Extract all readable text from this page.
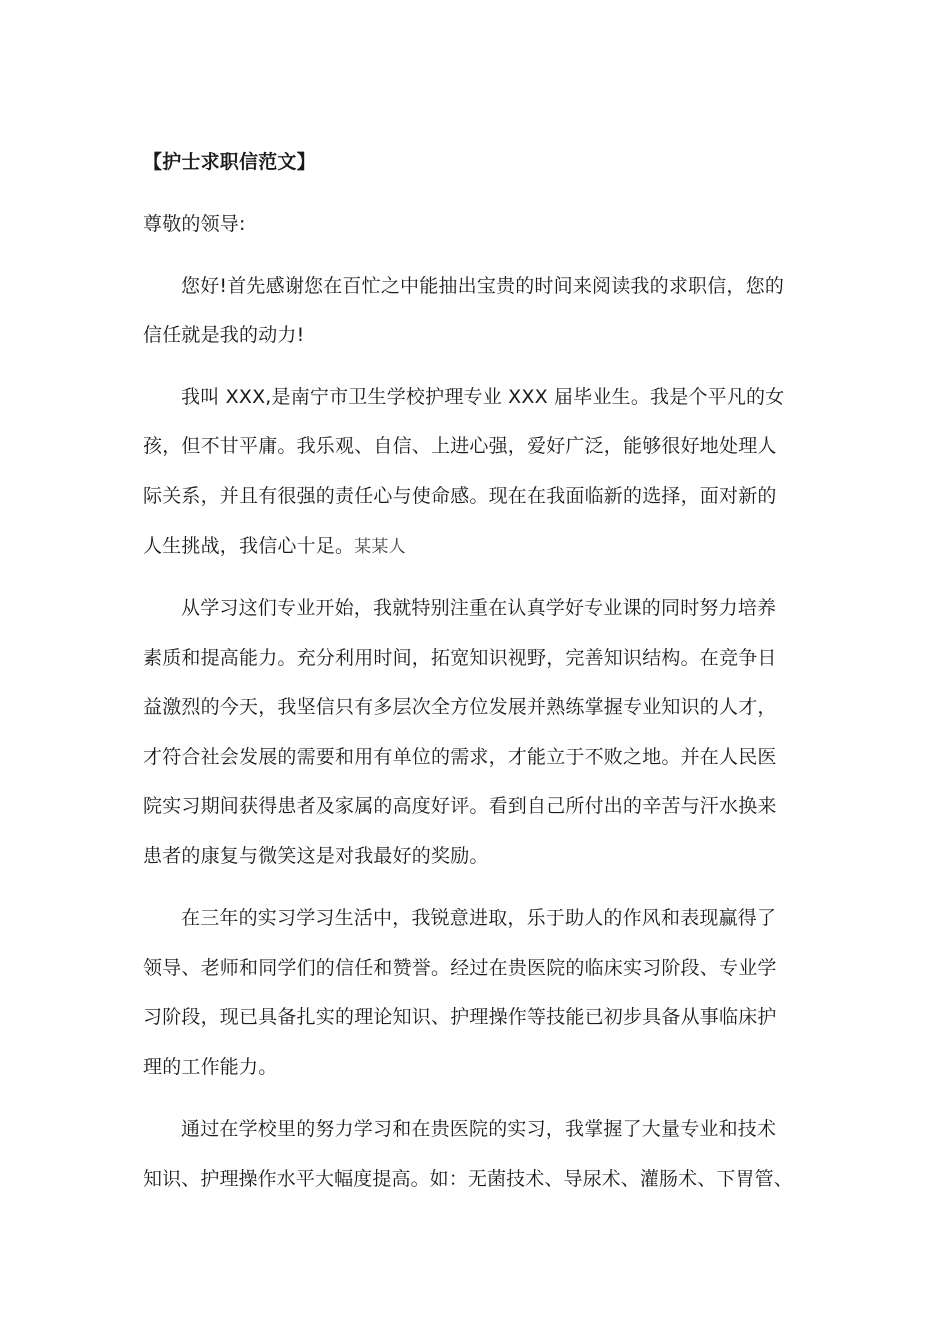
【护士求职信范文】
尊敬的领导:
您好!首先感谢您在百忙之中能抽出宝贵的时间来阅读我的求职信，您的
信任就是我的动力!
我叫 XXX,是南宁市卫生学校护理专业 XXX 届毕业生。我是个平凡的女
孩，但不甘平庸。我乐观、自信、上进心强，爱好广泛，能够很好地处理人
际关系，并且有很强的责任心与使命感。现在在我面临新的选择，面对新的
人生挑战，我信心十足。某某人
从学习这们专业开始，我就特别注重在认真学好专业课的同时努力培养
素质和提高能力。充分利用时间，拓宽知识视野，完善知识结构。在竞争日
益激烈的今天，我坚信只有多层次全方位发展并熟练掌握专业知识的人才，
才符合社会发展的需要和用有单位的需求，才能立于不败之地。并在人民医
院实习期间获得患者及家属的高度好评。看到自己所付出的辛苦与汗水换来
患者的康复与微笑这是对我最好的奖励。
在三年的实习学习生活中，我锐意进取，乐于助人的作风和表现赢得了
领导、老师和同学们的信任和赞誉。经过在贵医院的临床实习阶段、专业学
习阶段，现已具备扎实的理论知识、护理操作等技能已初步具备从事临床护
理的工作能力。
通过在学校里的努力学习和在贵医院的实习，我掌握了大量专业和技术
知识、护理操作水平大幅度提高。如：无菌技术、导尿术、灌肠术、下胃管、
